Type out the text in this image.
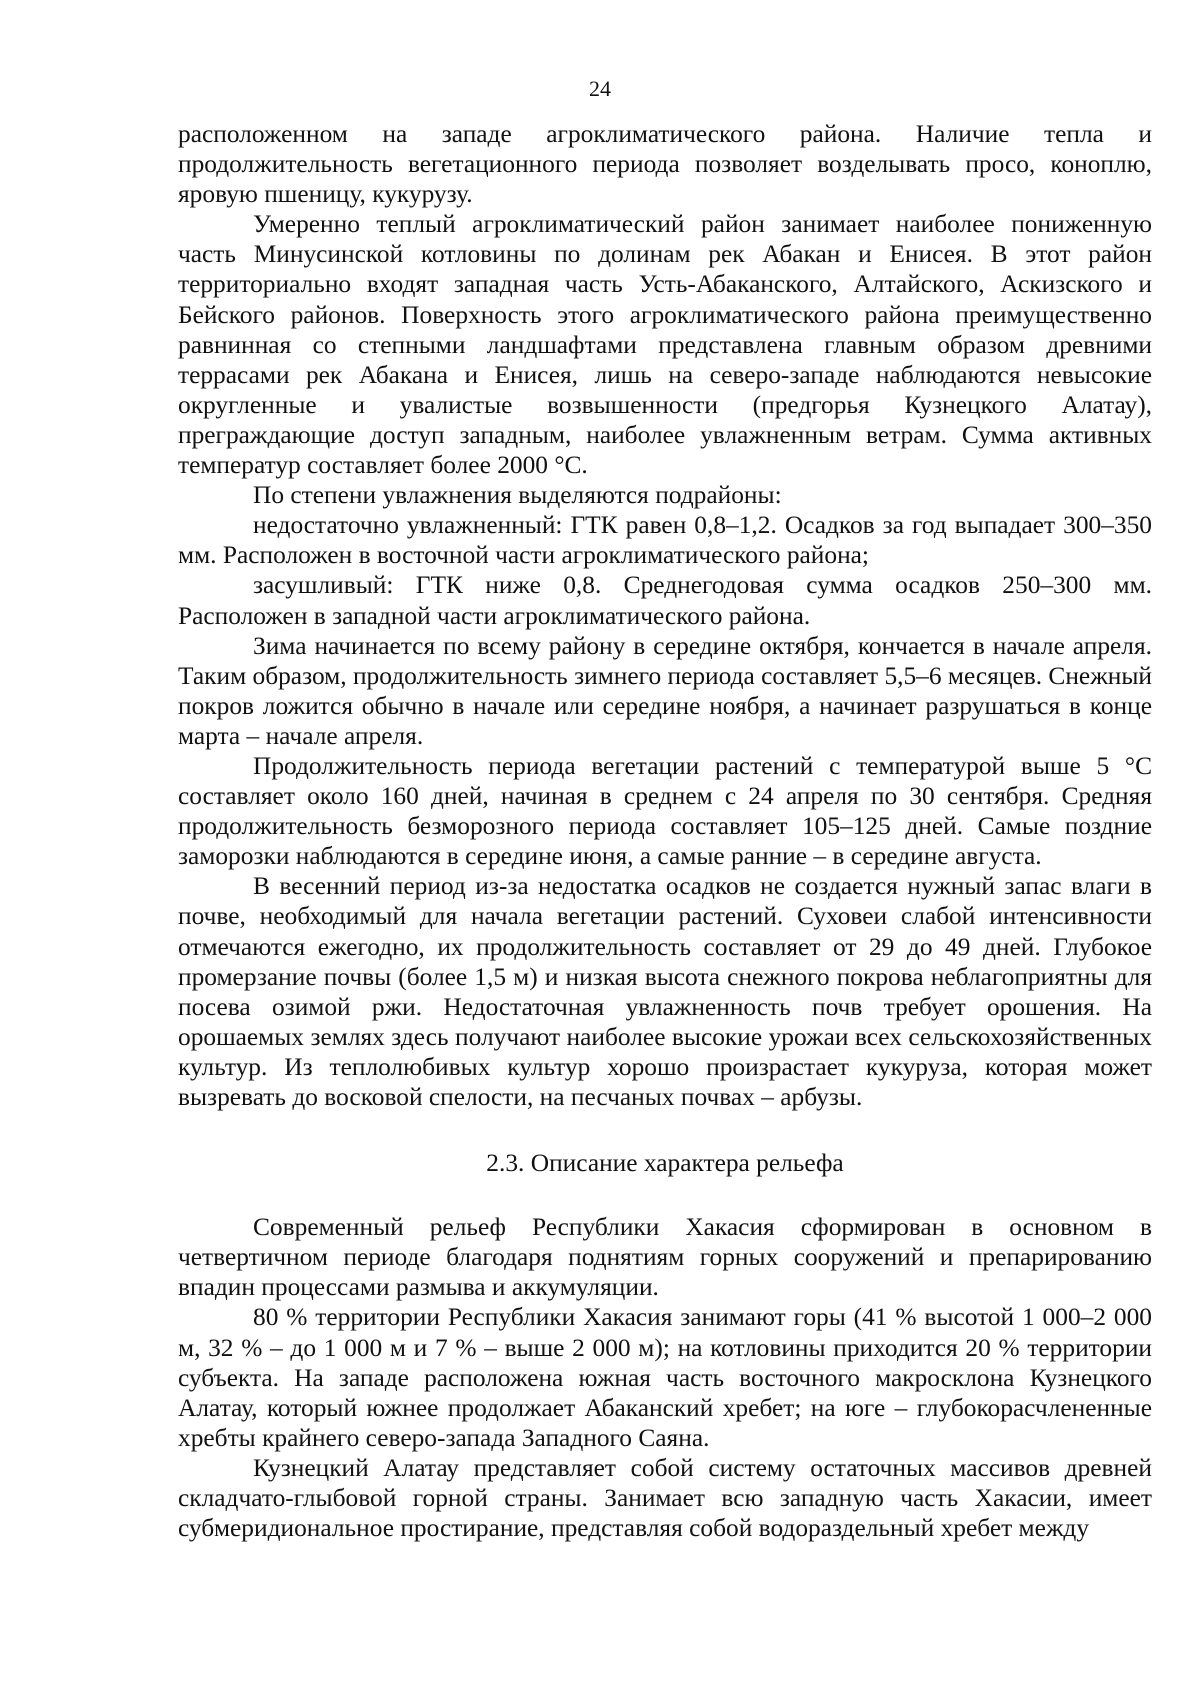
24

расположенном на западе агроклиматического района. Наличие тепла и продолжительность вегетационного периода позволяет возделывать просо, коноплю, яровую пшеницу, кукурузу.

Умеренно теплый агроклиматический район занимает наиболее пониженную часть Минусинской котловины по долинам рек Абакан и Енисея. В этот район территориально входят западная часть Усть-Абаканского, Алтайского, Аскизского и Бейского районов. Поверхность этого агроклиматического района преимущественно равнинная со степными ландшафтами представлена главным образом древними террасами рек Абакана и Енисея, лишь на северо-западе наблюдаются невысокие округленные и увалистые возвышенности (предгорья Кузнецкого Алатау), преграждающие доступ западным, наиболее увлажненным ветрам. Сумма активных температур составляет более 2000 °С.

По степени увлажнения выделяются подрайоны:

недостаточно увлажненный: ГТК равен 0,8–1,2. Осадков за год выпадает 300–350 мм. Расположен в восточной части агроклиматического района;

засушливый: ГТК ниже 0,8. Среднегодовая сумма осадков 250–300 мм. Расположен в западной части агроклиматического района.

Зима начинается по всему району в середине октября, кончается в начале апреля. Таким образом, продолжительность зимнего периода составляет 5,5–6 месяцев. Снежный покров ложится обычно в начале или середине ноября, а начинает разрушаться в конце марта – начале апреля.

Продолжительность периода вегетации растений с температурой выше 5 °С составляет около 160 дней, начиная в среднем с 24 апреля по 30 сентября. Средняя продолжительность безморозного периода составляет 105–125 дней. Самые поздние заморозки наблюдаются в середине июня, а самые ранние – в середине августа.

В весенний период из-за недостатка осадков не создается нужный запас влаги в почве, необходимый для начала вегетации растений. Суховеи слабой интенсивности отмечаются ежегодно, их продолжительность составляет от 29 до 49 дней. Глубокое промерзание почвы (более 1,5 м) и низкая высота снежного покрова неблагоприятны для посева озимой ржи. Недостаточная увлажненность почв требует орошения. На орошаемых землях здесь получают наиболее высокие урожаи всех сельскохозяйственных культур. Из теплолюбивых культур хорошо произрастает кукуруза, которая может вызревать до восковой спелости, на песчаных почвах – арбузы.

2.3. Описание характера рельефа

Современный рельеф Республики Хакасия сформирован в основном в четвертичном периоде благодаря поднятиям горных сооружений и препарированию впадин процессами размыва и аккумуляции.

80 % территории Республики Хакасия занимают горы (41 % высотой 1 000–2 000 м, 32 % – до 1 000 м и 7 % – выше 2 000 м); на котловины приходится 20 % территории субъекта. На западе расположена южная часть восточного макросклона Кузнецкого Алатау, который южнее продолжает Абаканский хребет; на юге – глубокорасчлененные хребты крайнего северо-запада Западного Саяна.

Кузнецкий Алатау представляет собой систему остаточных массивов древней складчато-глыбовой горной страны. Занимает всю западную часть Хакасии, имеет субмеридиональное простирание, представляя собой водораздельный хребет между
